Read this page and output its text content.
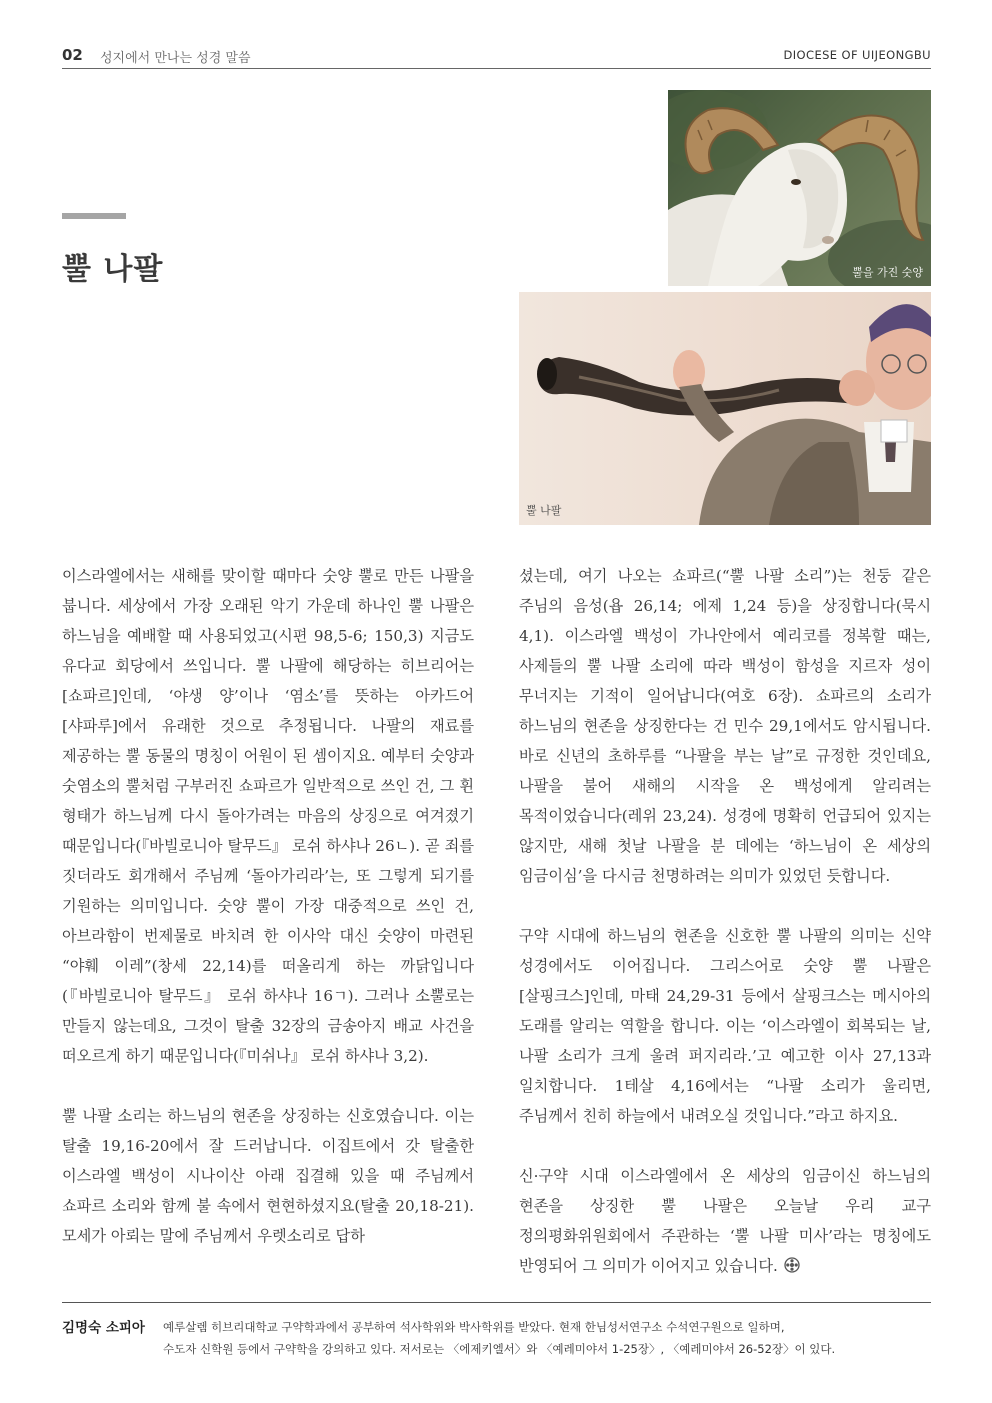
02 성지에서 만나는 성경 말씀	DIOCESE OF UIJEONGBU
뿔 나팔	뿔을 가진 숫양
뿔 나팔

이스라엘에서는 새해를 맞이할 때마다 숫양 뿔로 만든 나팔을 붑니다. 세상에서 가장 오래된 악기 가운데 하나인 뿔 나팔은 하느님을 예배할 때 사용되었고(시편 98,5-6; 150,3) 지금도 유다교 회당에서 쓰입니다. 뿔 나팔에 해당하는 히브리어는 [쇼파르]인데, ‘야생 양’이나 ‘염소’를 뜻하는 아카드어 [샤파루]에서 유래한 것으로 추정됩니다. 나팔의 재료를 제공하는 뿔 동물의 명칭이 어원이 된 셈이지요. 예부터 숫양과 숫염소의 뿔처럼 구부러진 쇼파르가 일반적으로 쓰인 건, 그 휜 형태가 하느님께 다시 돌아가려는 마음의 상징으로 여겨졌기 때문입니다(『바빌로니아 탈무드』 로쉬 하샤나 26ㄴ). 곧 죄를 짓더라도 회개해서 주님께 ‘돌아가리라’는, 또 그렇게 되기를 기원하는 의미입니다. 숫양 뿔이 가장 대중적으로 쓰인 건, 아브라함이 번제물로 바치려 한 이사악 대신 숫양이 마련된 “야훼 이레”(창세 22,14)를 떠올리게 하는 까닭입니다(『바빌로니아 탈무드』 로쉬 하샤나 16ㄱ). 그러나 소뿔로는 만들지 않는데요, 그것이 탈출 32장의 금송아지 배교 사건을 떠오르게 하기 때문입니다(『미쉬나』 로쉬 하샤나 3,2).

뿔 나팔 소리는 하느님의 현존을 상징하는 신호였습니다. 이는 탈출 19,16-20에서 잘 드러납니다. 이집트에서 갓 탈출한 이스라엘 백성이 시나이산 아래 집결해 있을 때 주님께서 쇼파르 소리와 함께 불 속에서 현현하셨지요(탈출 20,18-21). 모세가 아뢰는 말에 주님께서 우렛소리로 답하

셨는데, 여기 나오는 쇼파르(“뿔 나팔 소리”)는 천둥 같은 주님의 음성(욥 26,14; 에제 1,24 등)을 상징합니다(묵시 4,1). 이스라엘 백성이 가나안에서 예리코를 정복할 때는, 사제들의 뿔 나팔 소리에 따라 백성이 함성을 지르자 성이 무너지는 기적이 일어납니다(여호 6장). 쇼파르의 소리가 하느님의 현존을 상징한다는 건 민수 29,1에서도 암시됩니다. 바로 신년의 초하루를 “나팔을 부는 날”로 규정한 것인데요, 나팔을 불어 새해의 시작을 온 백성에게 알리려는 목적이었습니다(레위 23,24). 성경에 명확히 언급되어 있지는 않지만, 새해 첫날 나팔을 분 데에는 ‘하느님이 온 세상의 임금이심’을 다시금 천명하려는 의미가 있었던 듯합니다.

구약 시대에 하느님의 현존을 신호한 뿔 나팔의 의미는 신약 성경에서도 이어집니다. 그리스어로 숫양 뿔 나팔은 [살핑크스]인데, 마태 24,29-31 등에서 살핑크스는 메시아의 도래를 알리는 역할을 합니다. 이는 ‘이스라엘이 회복되는 날, 나팔 소리가 크게 울려 퍼지리라.’고 예고한 이사 27,13과 일치합니다. 1테살 4,16에서는 “나팔 소리가 울리면, 주님께서 친히 하늘에서 내려오실 것입니다.”라고 하지요.

신·구약 시대 이스라엘에서 온 세상의 임금이신 하느님의 현존을 상징한 뿔 나팔은 오늘날 우리 교구 정의평화위원회에서 주관하는 ‘뿔 나팔 미사’라는 명칭에도 반영되어 그 의미가 이어지고 있습니다.

김명숙 소피아 예루살렘 히브리대학교 구약학과에서 공부하여 석사학위와 박사학위를 받았다. 현재 한님성서연구소 수석연구원으로 일하며,
수도자 신학원 등에서 구약학을 강의하고 있다. 저서로는 〈에제키엘서〉와 〈예레미야서 1-25장〉, 〈예레미야서 26-52장〉이 있다.
